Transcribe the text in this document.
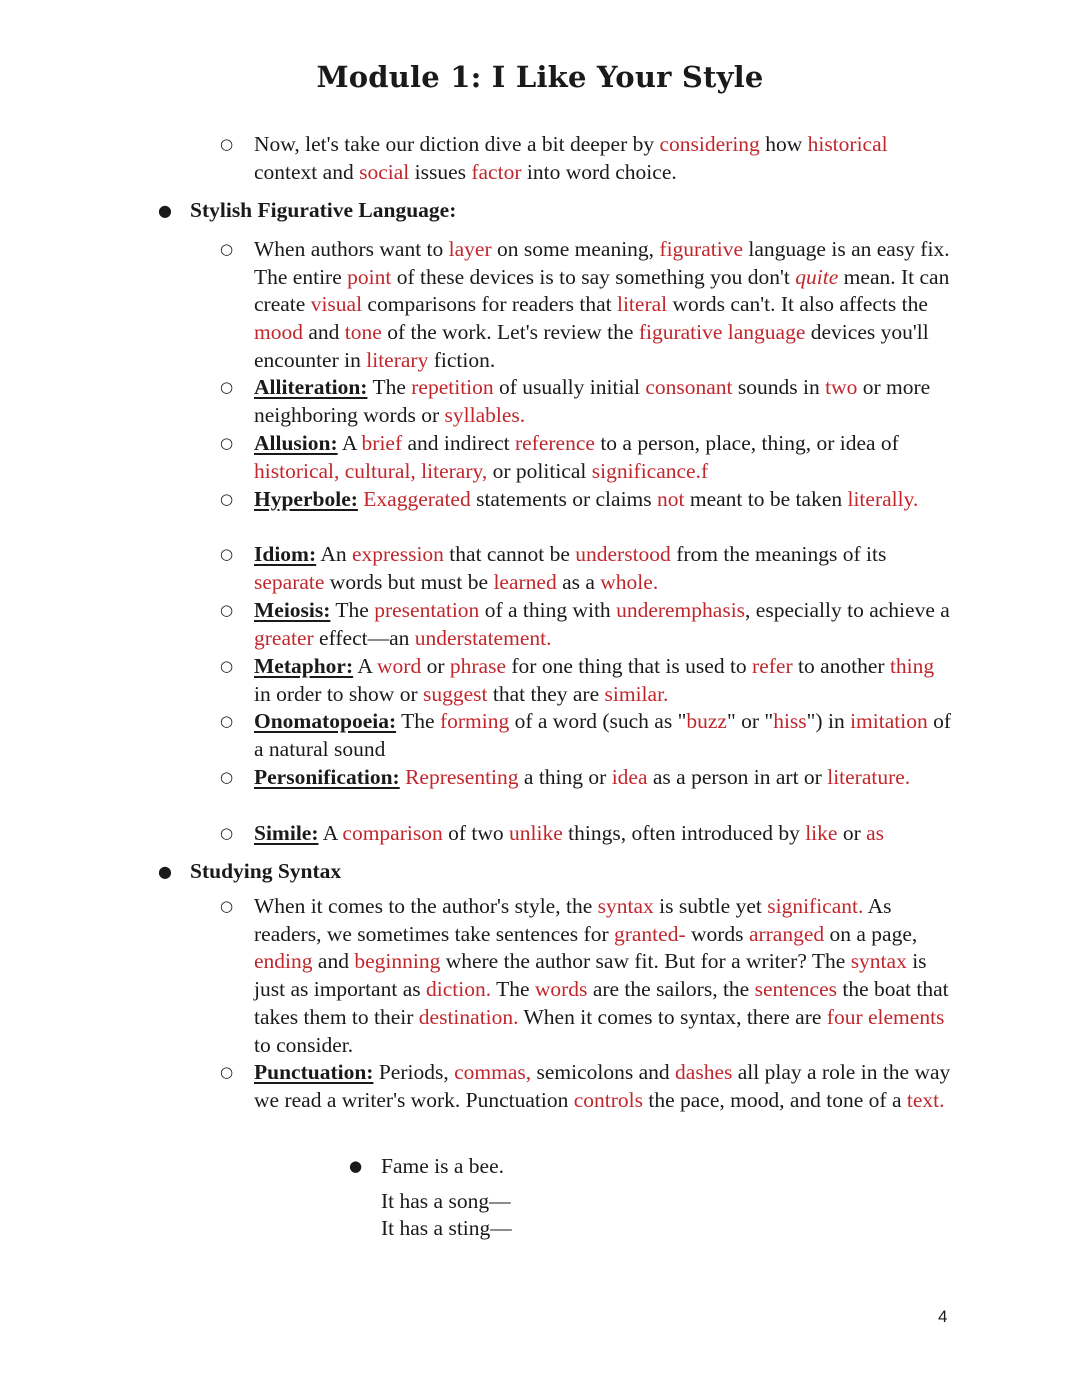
Module 1: I Like Your Style
○ Now, let's take our diction dive a bit deeper by considering how historical context and social issues factor into word choice.
● Stylish Figurative Language:
○ When authors want to layer on some meaning, figurative language is an easy fix. The entire point of these devices is to say something you don't quite mean. It can create visual comparisons for readers that literal words can't. It also affects the mood and tone of the work. Let's review the figurative language devices you'll encounter in literary fiction.
○ Alliteration: The repetition of usually initial consonant sounds in two or more neighboring words or syllables.
○ Allusion: A brief and indirect reference to a person, place, thing, or idea of historical, cultural, literary, or political significance.f
○ Hyperbole: Exaggerated statements or claims not meant to be taken literally.
○ Idiom: An expression that cannot be understood from the meanings of its separate words but must be learned as a whole.
○ Meiosis: The presentation of a thing with underemphasis, especially to achieve a greater effect—an understatement.
○ Metaphor: A word or phrase for one thing that is used to refer to another thing in order to show or suggest that they are similar.
○ Onomatopoeia: The forming of a word (such as "buzz" or "hiss") in imitation of a natural sound
○ Personification: Representing a thing or idea as a person in art or literature.
○ Simile: A comparison of two unlike things, often introduced by like or as
● Studying Syntax
○ When it comes to the author's style, the syntax is subtle yet significant. As readers, we sometimes take sentences for granted- words arranged on a page, ending and beginning where the author saw fit. But for a writer? The syntax is just as important as diction. The words are the sailors, the sentences the boat that takes them to their destination. When it comes to syntax, there are four elements to consider.
○ Punctuation: Periods, commas, semicolons and dashes all play a role in the way we read a writer's work. Punctuation controls the pace, mood, and tone of a text.
● Fame is a bee.
It has a song—
It has a sting—
4
